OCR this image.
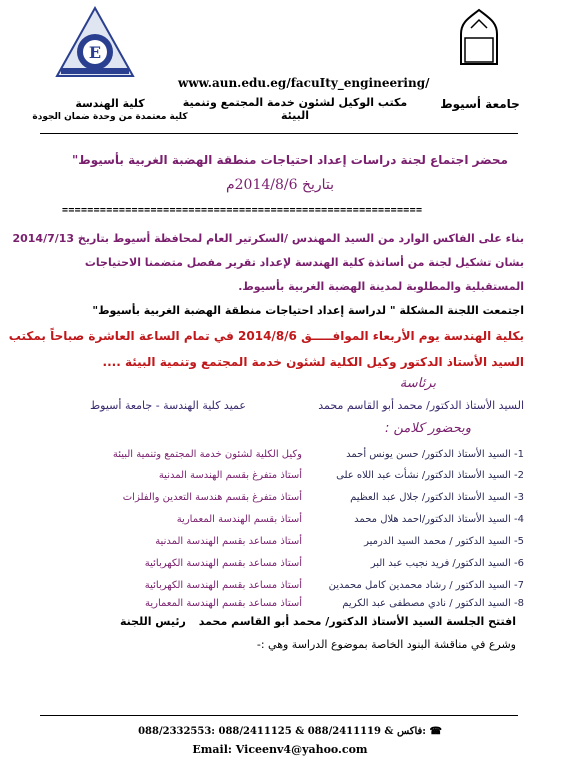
E
www.aun.edu.eg/facuIty_engineering/
مكتب الوكيل لشئون خدمة المجتمع وتنمية البيئة
جامعة أسيوط
كلية الهندسة
كلية معتمدة من وحدة ضمان الجودة
محضر اجتماع لجنة دراسات إعداد احتياجات منطقة الهضبة الغربية بأسيوط"
بتاريخ 2014/8/6م
=========================================================
بناء على الفاكس الوارد من السيد المهندس /السكرتير العام لمحافظة أسيوط بتاريخ 2014/7/13
بشان تشكيل لجنة من أساتذة كلية الهندسة لإعداد تقرير مفصل متضمنا الاحتياجات
المستقبلية والمطلوبة لمدينة الهضبة الغربية بأسيوط.
اجتمعت اللجنة المشكلة " لدراسة إعداد احتياجات منطقة الهضبة الغربية بأسيوط"
بكلية الهندسة يوم الأربعاء الموافـــــق 2014/8/6 في تمام الساعة العاشرة صباحاً بمكتب
السيد الأستاذ الدكتور وكيل الكلية لشئون خدمة المجتمع وتنمية البيئة ....
برئاسة
السيد الأستاذ الدكتور/ محمد أبو القاسم محمد
عميد كلية الهندسة - جامعة أسيوط
وبحضور كلامن :
1- السيد الأستاذ الدكتور/ حسن يونس أحمد
وكيل الكلية لشئون خدمة المجتمع وتنمية البيئة
2- السيد الأستاذ الدكتور/ نشأت عبد اللاه على
أستاذ متفرغ بقسم الهندسة المدنية
3- السيد الأستاذ الدكتور/ جلال عبد العظيم
أستاذ متفرغ بقسم هندسة التعدين والفلزات
4- السيد الأستاذ الدكتور/احمد هلال محمد
أستاذ بقسم الهندسة المعمارية
5- السيد الدكتور / محمد السيد الدرمير
أستاذ مساعد بقسم الهندسة المدنية
6- السيد الدكتور/ فريد نجيب عبد البر
أستاذ مساعد بقسم الهندسة الكهربائية
7- السيد الدكتور / رشاد محمدين كامل محمدين
أستاذ مساعد بقسم الهندسة الكهربائية
8- السيد الدكتور / نادي مصطفى عبد الكريم
أستاذ مساعد بقسم الهندسة المعمارية
افتتح الجلسة السيد الأستاذ الدكتور/ محمد أبو القاسم محمد
رئيس اللجنة
وشرع في مناقشة البنود الخاصة بموضوع الدراسة وهي :-
088/2332553: فاكس & 088/2411119 & 088/2411125: ☎
Email: Viceenv4@yahoo.com
